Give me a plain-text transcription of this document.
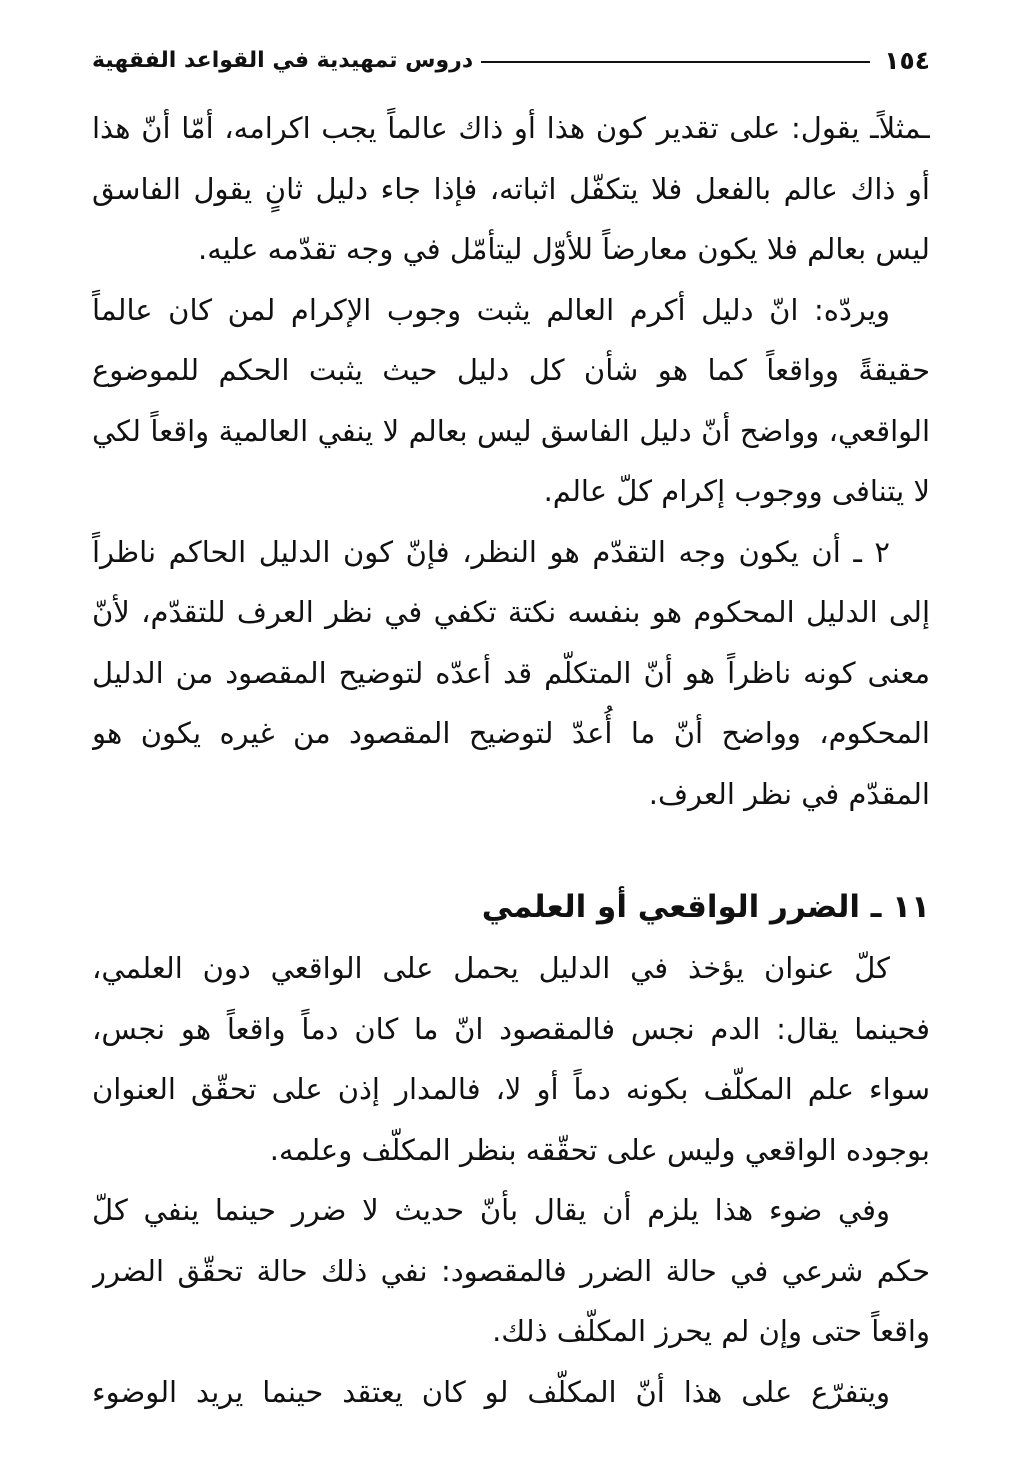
١٥٤
دروس تمهيدية في القواعد الفقهية
ـمثلاًـ يقول: على تقدير كون هذا أو ذاك عالماً يجب اكرامه، أمّا أنّ هذا
أو ذاك عالم بالفعل فلا يتكفّل اثباته، فإذا جاء دليل ثانٍ يقول الفاسق
ليس بعالم فلا يكون معارضاً للأوّل ليتأمّل في وجه تقدّمه عليه.
ويردّه: انّ دليل أكرم العالم يثبت وجوب الإكرام لمن كان عالماً
حقيقةً وواقعاً كما هو شأن كل دليل حيث يثبت الحكم للموضوع
الواقعي، وواضح أنّ دليل الفاسق ليس بعالم لا ينفي العالمية واقعاً لكي
لا يتنافى ووجوب إكرام كلّ عالم.
٢ ـ أن يكون وجه التقدّم هو النظر، فإنّ كون الدليل الحاكم ناظراً
إلى الدليل المحكوم هو بنفسه نكتة تكفي في نظر العرف للتقدّم، لأنّ
معنى كونه ناظراً هو أنّ المتكلّم قد أعدّه لتوضيح المقصود من الدليل
المحكوم، وواضح أنّ ما أُعدّ لتوضيح المقصود من غيره يكون هو
المقدّم في نظر العرف.
١١ ـ الضرر الواقعي أو العلمي
كلّ عنوان يؤخذ في الدليل يحمل على الواقعي دون العلمي،
فحينما يقال: الدم نجس فالمقصود انّ ما كان دماً واقعاً هو نجس،
سواء علم المكلّف بكونه دماً أو لا، فالمدار إذن على تحقّق العنوان
بوجوده الواقعي وليس على تحقّقه بنظر المكلّف وعلمه.
وفي ضوء هذا يلزم أن يقال بأنّ حديث لا ضرر حينما ينفي كلّ
حكم شرعي في حالة الضرر فالمقصود: نفي ذلك حالة تحقّق الضرر
واقعاً حتى وإن لم يحرز المكلّف ذلك.
ويتفرّع على هذا أنّ المكلّف لو كان يعتقد حينما يريد الوضوء
